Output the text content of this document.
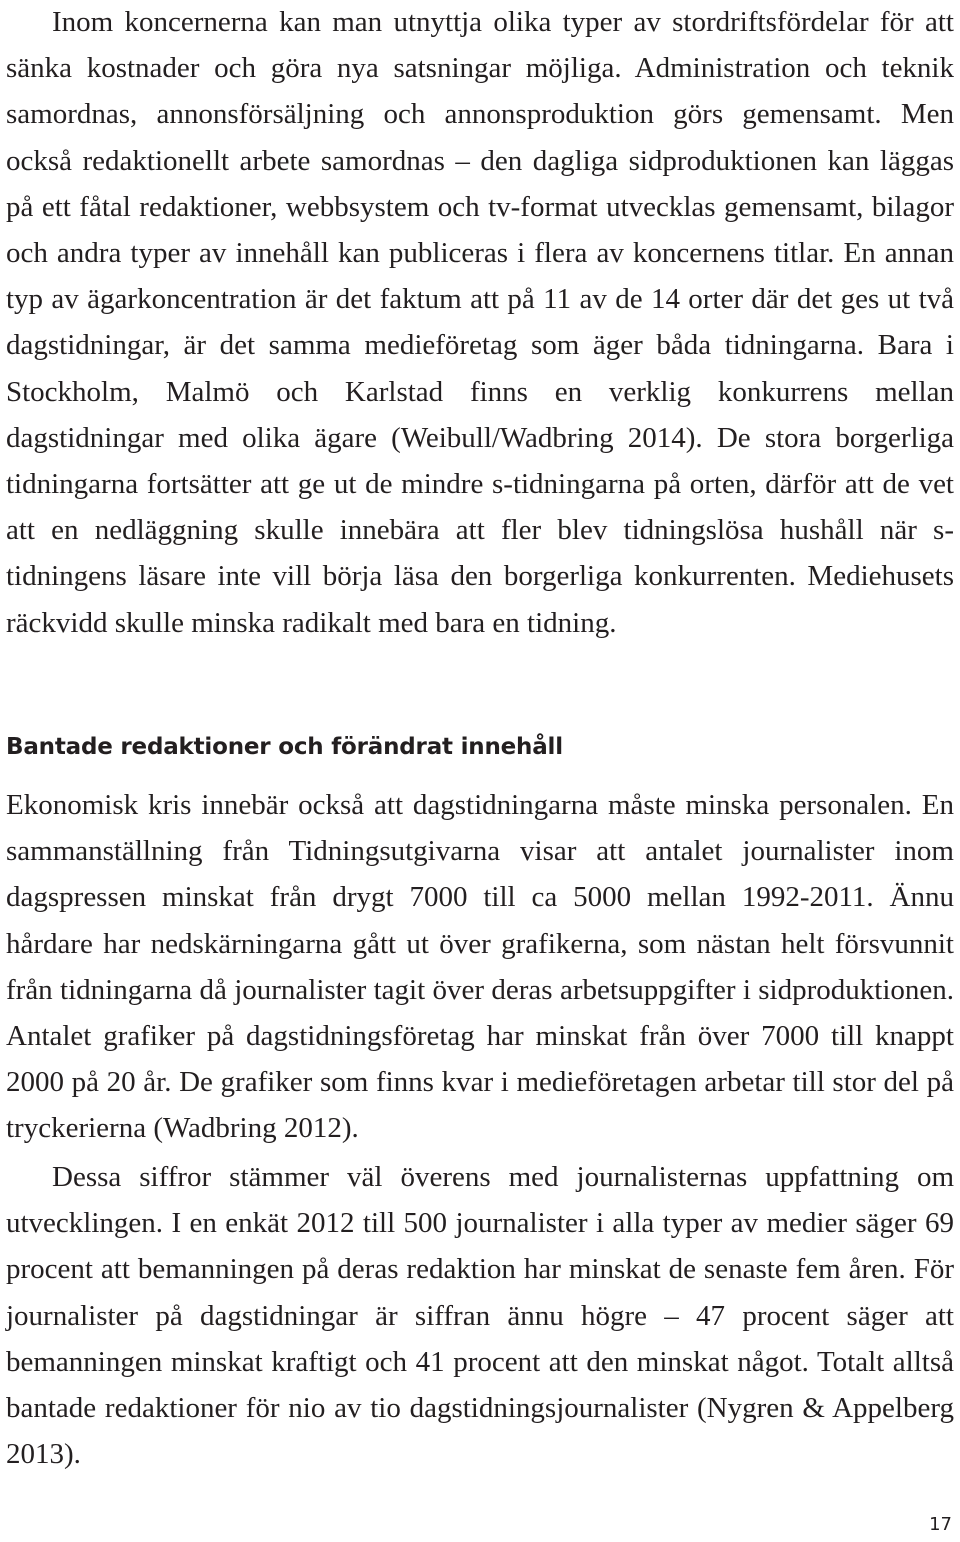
Inom koncernerna kan man utnyttja olika typer av stordriftsfördelar för att sänka kostnader och göra nya satsningar möjliga. Administration och teknik samordnas, annonsförsäljning och annonsproduktion görs gemensamt. Men också redaktionellt arbete samordnas – den dagliga sidproduktionen kan läggas på ett fåtal redaktioner, webbsystem och tv-format utvecklas gemensamt, bilagor och andra typer av innehåll kan publiceras i flera av koncernens titlar. En annan typ av ägarkoncentration är det faktum att på 11 av de 14 orter där det ges ut två dagstidningar, är det samma medieföretag som äger båda tidningarna. Bara i Stockholm, Malmö och Karlstad finns en verklig konkurrens mellan dagstidningar med olika ägare (Weibull/Wadbring 2014). De stora borgerliga tidningarna fortsätter att ge ut de mindre s-tidningarna på orten, därför att de vet att en nedläggning skulle innebära att fler blev tidningslösa hushåll när s-tidningens läsare inte vill börja läsa den borgerliga konkurrenten. Mediehusets räckvidd skulle minska radikalt med bara en tidning.

Bantade redaktioner och förändrat innehåll

Ekonomisk kris innebär också att dagstidningarna måste minska personalen. En sammanställning från Tidningsutgivarna visar att antalet journalister inom dagspressen minskat från drygt 7000 till ca 5000 mellan 1992-2011. Ännu hårdare har nedskärningarna gått ut över grafikerna, som nästan helt försvunnit från tidningarna då journalister tagit över deras arbetsuppgifter i sidproduktionen. Antalet grafiker på dagstidningsföretag har minskat från över 7000 till knappt 2000 på 20 år. De grafiker som finns kvar i medieföretagen arbetar till stor del på tryckerierna (Wadbring 2012).

Dessa siffror stämmer väl överens med journalisternas uppfattning om utvecklingen. I en enkät 2012 till 500 journalister i alla typer av medier säger 69 procent att bemanningen på deras redaktion har minskat de senaste fem åren. För journalister på dagstidningar är siffran ännu högre – 47 procent säger att bemanningen minskat kraftigt och 41 procent att den minskat något. Totalt alltså bantade redaktioner för nio av tio dagstidningsjournalister (Nygren & Appelberg 2013).

17
